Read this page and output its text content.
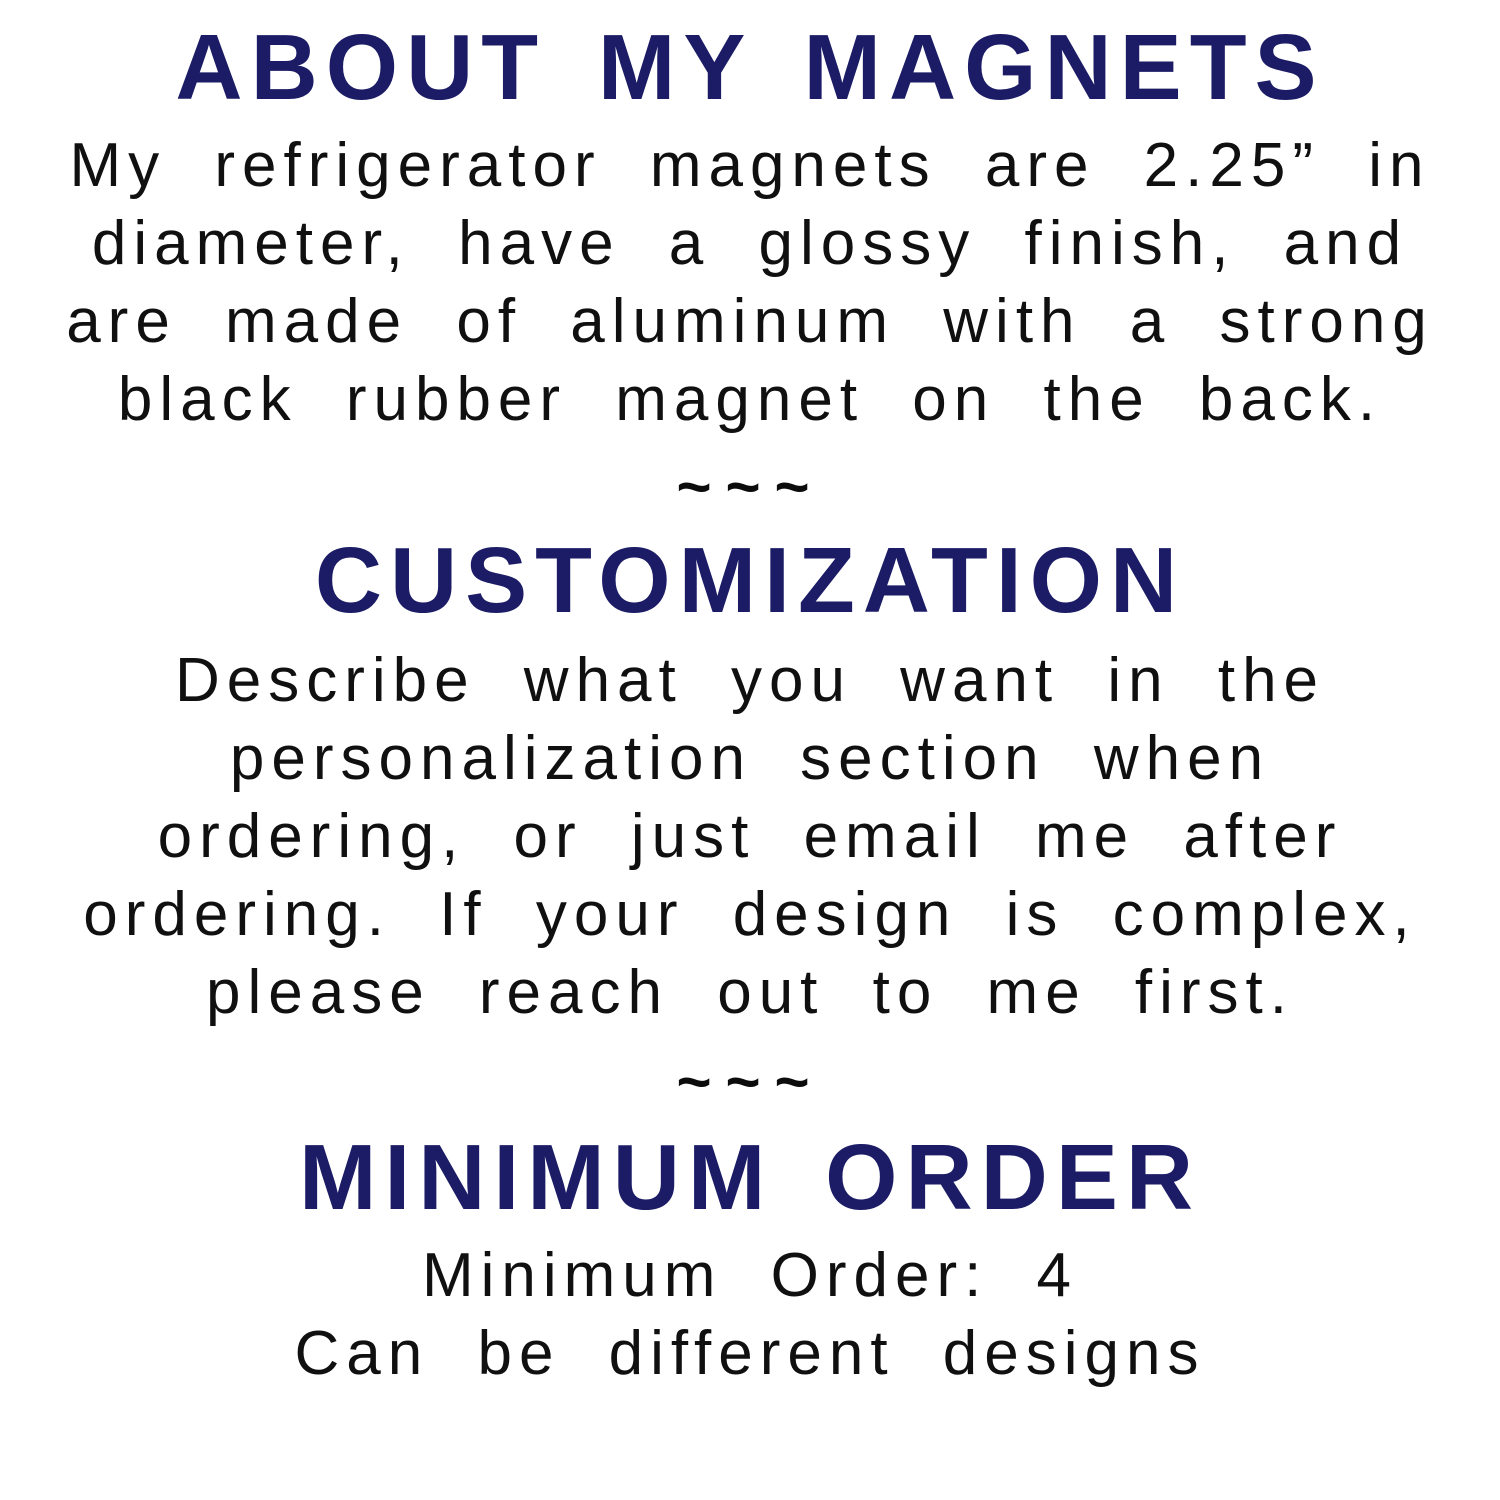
ABOUT MY MAGNETS
My refrigerator magnets are 2.25” in
diameter, have a glossy finish, and
are made of aluminum with a strong
black rubber magnet on the back.
~~~
CUSTOMIZATION
Describe what you want in the
personalization section when
ordering, or just email me after
ordering. If your design is complex,
please reach out to me first.
~~~
MINIMUM ORDER
Minimum Order: 4
Can be different designs
